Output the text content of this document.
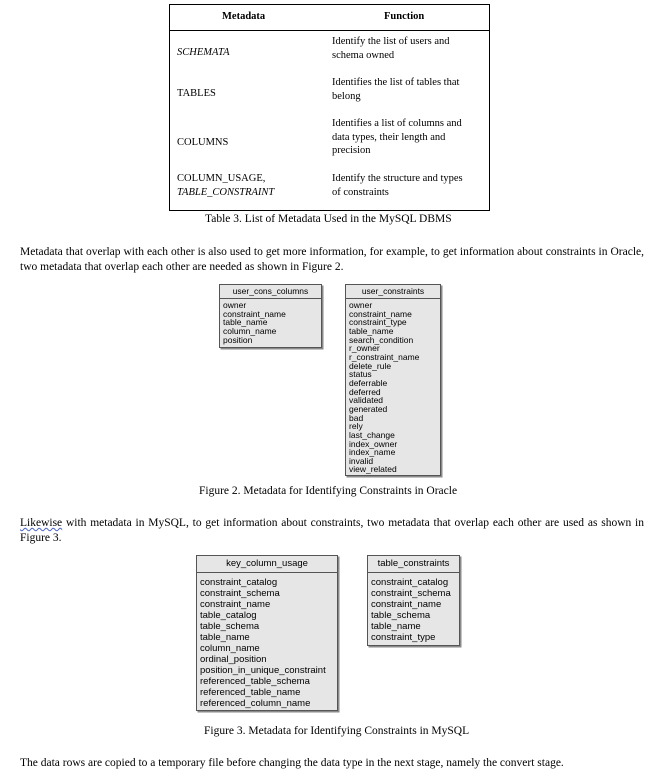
Metadata	Function
SCHEMATA
Identify the list of users and
schema owned
TABLES
Identifies the list of tables that
belong
COLUMNS
Identifies a list of columns and
data types, their length and
precision
COLUMN_USAGE,
TABLE_CONSTRAINT
Identify the structure and types
of constraints
Table 3. List of Metadata Used in the MySQL DBMS
Metadata that overlap with each other is also used to get more information, for example, to get information about constraints in Oracle, two metadata that overlap each other are needed as shown in Figure 2.
user_cons_columns
owner
constraint_name
table_name
column_name
position
user_constraints
owner
constraint_name
constraint_type
table_name
search_condition
r_owner
r_constraint_name
delete_rule
status
deferrable
deferred
validated
generated
bad
rely
last_change
index_owner
index_name
invalid
view_related
Figure 2. Metadata for Identifying Constraints in Oracle
Likewise with metadata in MySQL, to get information about constraints, two metadata that overlap each other are used as shown in Figure 3.
key_column_usage
constraint_catalog
constraint_schema
constraint_name
table_catalog
table_schema
table_name
column_name
ordinal_position
position_in_unique_constraint
referenced_table_schema
referenced_table_name
referenced_column_name
table_constraints
constraint_catalog
constraint_schema
constraint_name
table_schema
table_name
constraint_type
Figure 3. Metadata for Identifying Constraints in MySQL
The data rows are copied to a temporary file before changing the data type in the next stage, namely the convert stage.
